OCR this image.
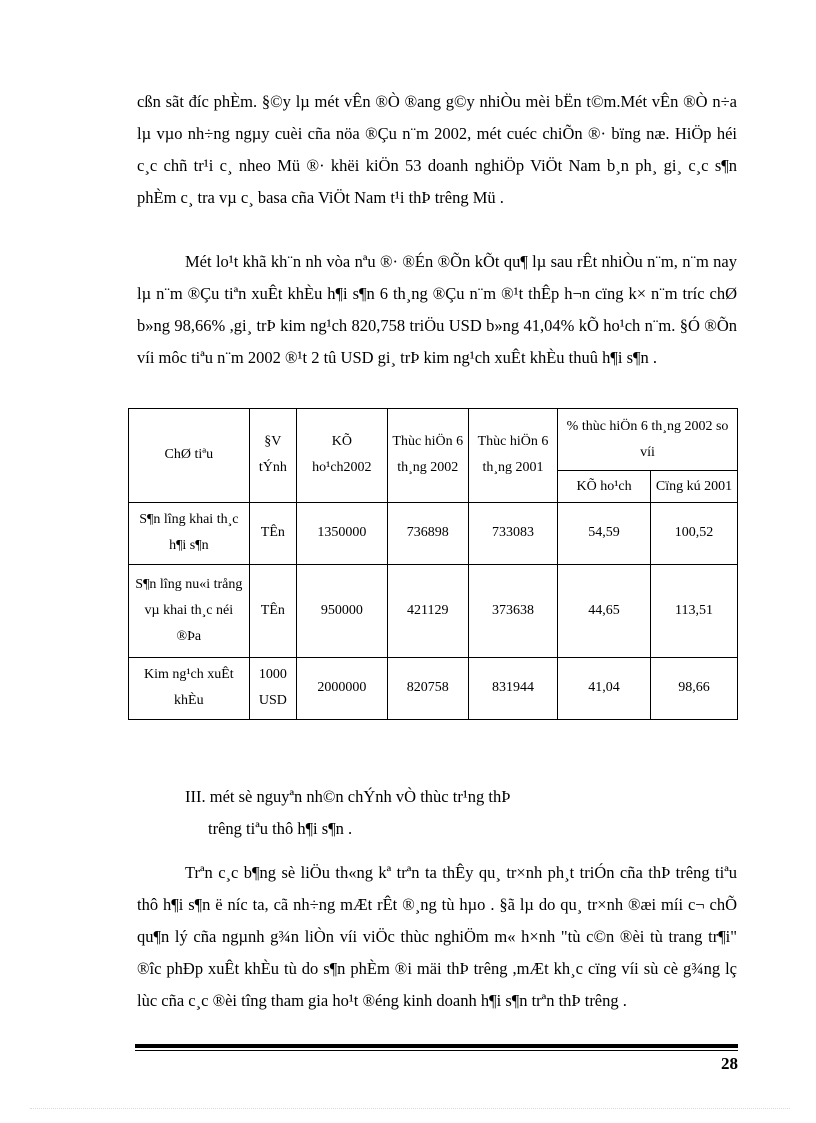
cßn sãt đíc phÈm. §©y lµ mét vÊn ®Ò ®ang g©y nhiÒu mèi bËn t©m.Mét vÊn ®Ò n÷a lµ vµo nh÷ng ngµy cuèi cña nöa ®Çu n¨m 2002, mét cuéc chiÕn ®· bïng næ. HiÖp héi c¸c chñ tr¹i c¸ nheo Mü ®· khëi kiÖn 53 doanh nghiÖp ViÖt Nam b¸n ph¸ gi¸ c¸c s¶n phÈm c¸ tra vµ c¸ basa cña ViÖt Nam t¹i thÞ trêng Mü .

Mét lo¹t khã kh¨n nh vòa nªu ®· ®Én ®Õn kÕt qu¶ lµ sau rÊt nhiÒu n¨m, n¨m nay lµ n¨m ®Çu tiªn xuÊt khÈu h¶i s¶n 6 th¸ng ®Çu n¨m ®¹t thÊp h¬n cïng k× n¨m tríc chØ b»ng 98,66% ,gi¸ trÞ kim ng¹ch 820,758 triÖu USD b»ng 41,04% kÕ ho¹ch n¨m. §Ó ®Õn víi môc tiªu n¨m 2002 ®¹t 2 tû USD gi¸ trÞ kim ng¹ch xuÊt khÈu thuû h¶i s¶n .

ChØ tiªu	§V tÝnh	KÕ ho¹ch2002	Thùc hiÖn 6 th¸ng 2002	Thùc hiÖn 6 th¸ng 2001	% thùc hiÖn 6 th¸ng 2002 so víi	
					KÕ ho¹ch	Cïng kú 2001
S¶n lîng khai th¸c h¶i s¶n	TÊn	1350000	736898	733083	54,59	100,52
S¶n lîng nu«i trång vµ khai th¸c néi ®Þa	TÊn	950000	421129	373638	44,65	113,51
Kim ng¹ch xuÊt khÈu	1000 USD	2000000	820758	831944	41,04	98,66

III. mét sè nguyªn nh©n chÝnh vÒ thùc tr¹ng thÞ

trêng tiªu thô h¶i s¶n .

Trªn c¸c b¶ng sè liÖu th«ng kª trªn ta thÊy qu¸ tr×nh ph¸t triÓn cña thÞ trêng tiªu thô h¶i s¶n ë níc ta, cã nh÷ng mÆt rÊt ®¸ng tù hµo . §ã lµ do qu¸ tr×nh ®æi míi c¬ chÕ qu¶n lý cña ngµnh g¾n liÒn víi viÖc thùc nghiÖm m« h×nh "tù c©n ®èi tù trang tr¶i" ®îc phÐp xuÊt khÈu tù do s¶n phÈm ®i mäi thÞ trêng ,mÆt kh¸c cïng víi sù cè g¾ng lç lùc cña c¸c ®èi tîng tham gia ho¹t ®éng kinh doanh h¶i s¶n trªn thÞ trêng .

28
